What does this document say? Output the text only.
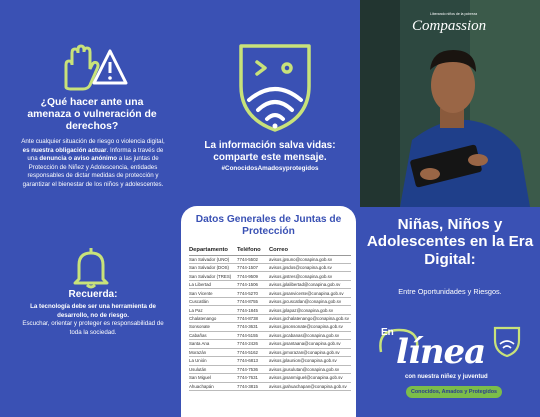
¿Qué hacer ante una amenaza o vulneración de derechos?
Ante cualquier situación de riesgo o violencia digital, es nuestra obligación actuar. Informa a través de una denuncia o aviso anónimo a las juntas de Protección de Niñez y Adolescencia, entidades responsables de dictar medidas de protección y garantizar el bienestar de los niños y adolescentes.
Recuerda:
La tecnología debe ser una herramienta de desarrollo, no de riesgo.
Escuchar, orientar y proteger es responsabilidad de toda la sociedad.
La información salva vidas: comparte este mensaje.
#ConocidosAmadosyprotegidos
Datos Generales de Juntas de Protección
Departamento	Teléfono	Correo
San Salvador (UNO)	7744-5502	avisos.jpsuno@conapina.gob.sv
San Salvador (DOS)	7744-1507	avisos.jpsdos@conapina.gob.sv
San Salvador (TRES)	7744-9509	avisos.jpstres@conapina.gob.sv
La Libertad	7744-1506	avisos.jplalibertad@conapina.gob.sv
San Vicente	7744-5270	avisos.jpsanvicente@conapina.gob.sv
Cuscatlán	7744-8755	avisos.jpcuscatlan@conapina.gob.sv
La Paz	7744-1845	avisos.jplapaz@conapina.gob.sv
Chalatenango	7744-8738	avisos.jpchalatenango@conapina.gob.sv
Sonsonate	7744-3631	avisos.jpsonsonate@conapina.gob.sv
Cabañas	7744-5155	avisos.jpcabanas@conapina.gob.sv
Santa Ana	7744-2426	avisos.jpsantaana@conapina.gob.sv
Morazán	7744-5162	avisos.jpmorazan@conapina.gob.sv
La Unión	7744-6813	avisos.jplaunion@conapina.gob.sv
Usulután	7744-7536	avisos.jpusulutan@conapina.gob.sv
San Miguel	7744-7631	avisos.jpsanmiguel@conapina.gob.sv
Ahuachapán	7744-3815	avisos.jpahuachapan@conapina.gob.sv
Liberando niños de la pobreza
Compassion
Niñas, Niños y Adolescentes en la Era Digital:
Entre Oportunidades y Riesgos.
En línea
con nuestra niñez y juventud
Conocidos, Amados y Protegidos
